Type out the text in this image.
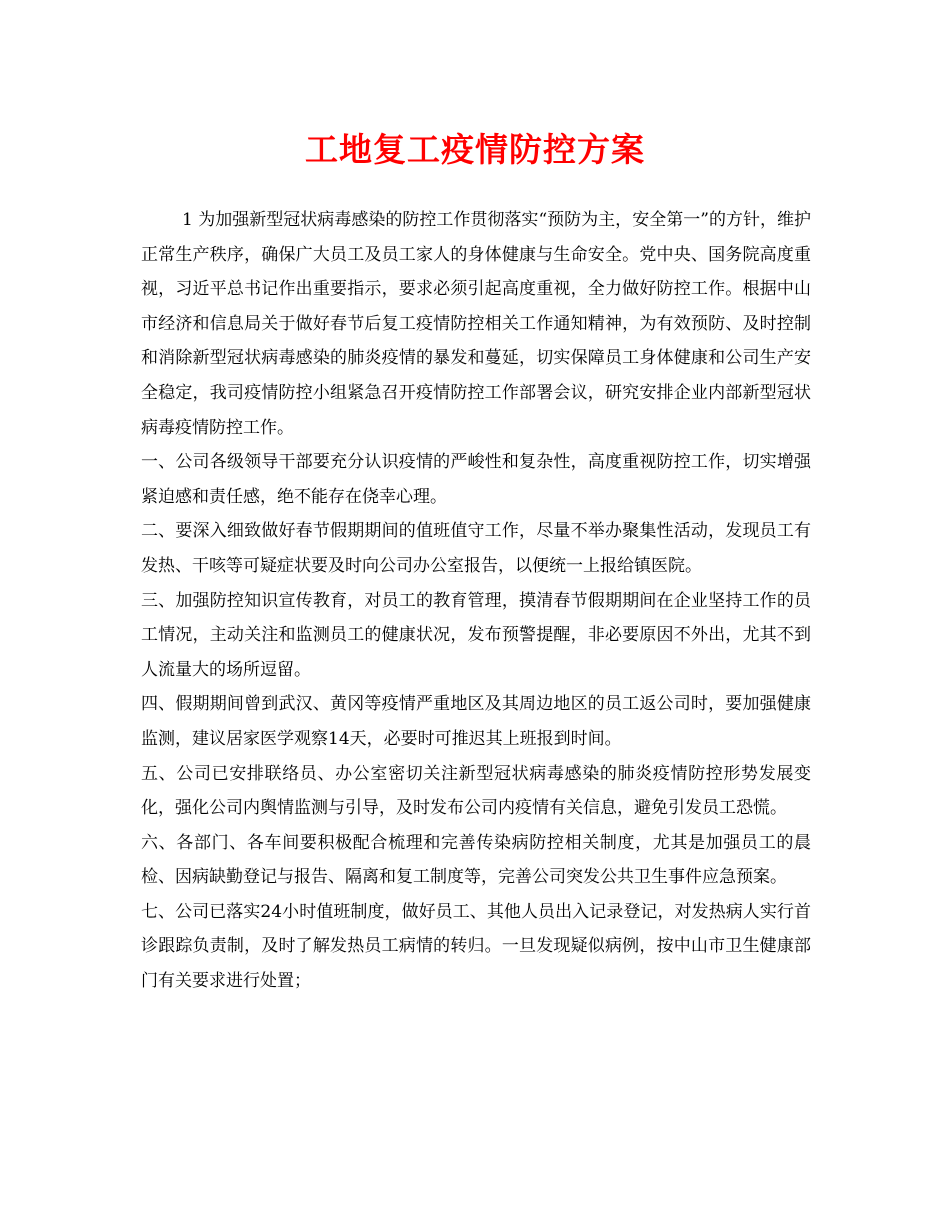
工地复工疫情防控方案

1 为加强新型冠状病毒感染的防控工作贯彻落实“预防为主，安全第一”的方针，维护正常生产秩序，确保广大员工及员工家人的身体健康与生命安全。党中央、国务院高度重视，习近平总书记作出重要指示，要求必须引起高度重视，全力做好防控工作。根据中山市经济和信息局关于做好春节后复工疫情防控相关工作通知精神，为有效预防、及时控制和消除新型冠状病毒感染的肺炎疫情的暴发和蔓延，切实保障员工身体健康和公司生产安全稳定，我司疫情防控小组紧急召开疫情防控工作部署会议，研究安排企业内部新型冠状病毒疫情防控工作。

一、公司各级领导干部要充分认识疫情的严峻性和复杂性，高度重视防控工作，切实增强紧迫感和责任感，绝不能存在侥幸心理。

二、要深入细致做好春节假期期间的值班值守工作，尽量不举办聚集性活动，发现员工有发热、干咳等可疑症状要及时向公司办公室报告，以便统一上报给镇医院。

三、加强防控知识宣传教育，对员工的教育管理，摸清春节假期期间在企业坚持工作的员工情况，主动关注和监测员工的健康状况，发布预警提醒，非必要原因不外出，尤其不到人流量大的场所逗留。

四、假期期间曾到武汉、黄冈等疫情严重地区及其周边地区的员工返公司时，要加强健康监测，建议居家医学观察14天，必要时可推迟其上班报到时间。

五、公司已安排联络员、办公室密切关注新型冠状病毒感染的肺炎疫情防控形势发展变化，强化公司内舆情监测与引导，及时发布公司内疫情有关信息，避免引发员工恐慌。

六、各部门、各车间要积极配合梳理和完善传染病防控相关制度，尤其是加强员工的晨检、因病缺勤登记与报告、隔离和复工制度等，完善公司突发公共卫生事件应急预案。

七、公司已落实24小时值班制度，做好员工、其他人员出入记录登记，对发热病人实行首诊跟踪负责制，及时了解发热员工病情的转归。一旦发现疑似病例，按中山市卫生健康部门有关要求进行处置；
